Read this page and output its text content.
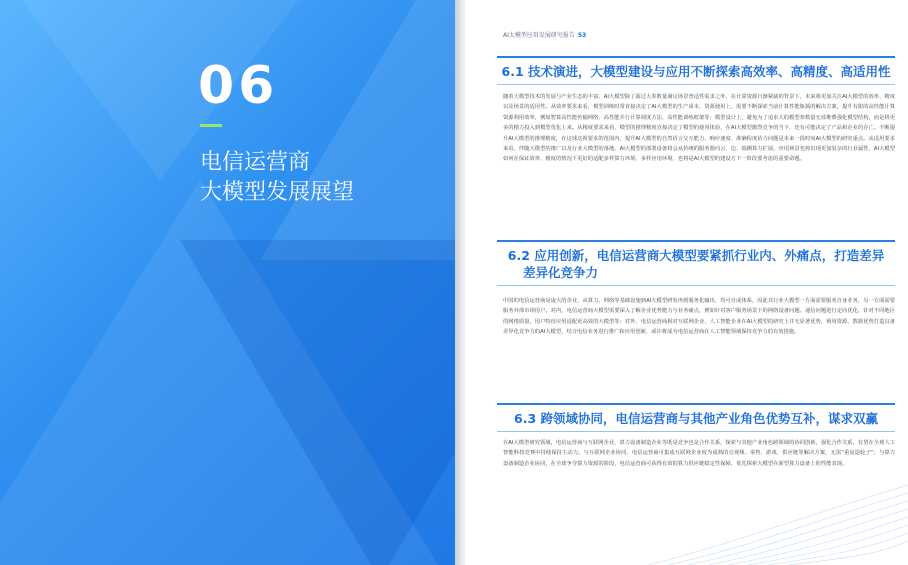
06
电信运营商
大模型发展展望
AI大模型应用发展研究报告 53
6.1 技术演进，大模型建设与应用不断探索高效率、高精度、高适用性
随着大模型技术的发展与产业生态的丰富，AI大模型除了面过大参数量满足场景普适性需求之外，在计算资源日渐紧缺的背景下，未来将更加关注AI大模型的效率、精度以及场景的适用性。从效率要求来看，模型训练时常直接决定了AI大模型的生产成本，资源使用上，需要不断探索当前计算性能瓶颈的解决方案，提升有限的高性能计算资源利用效率，例如智算高性能传输网络、高性能并行计算调度方法、高性能训练框架等；模型设计上，避免为了追求大的模型参数量无效堆叠强化模型结构，而是将更多的精力投入到模型优化上来。从精度要求来看，模型的推理精度直接决定了模型的使用体验，在AI大模型激烈竞争的当下，还有可能决定了产品和企业的存亡。不断提升AI大模型的推理精度，在这球这视要求的范围内，提升AI大模型的自然语言交互能力、响应速度、准确程度协力问题是未来一段时间AI大模型的研究重点。从适用要求来看，伴随大模型的推广以及行业大模型的落地，AI大模型的部署设备将会从传统的服务器向云、边、端侧算力扩展，应用场景也将出现更加复杂的行业属性，AI大模型如何在保证效率、精度的情况下更好的适配多样算力环境、多样应用环境，也将是AI大模型的建设方下一阶段要考虑的重要命题。
6.2 应用创新，电信运营商大模型要紧抓行业内、外痛点，打造差异
差异化竞争力
中国的电信运营商是庞大的企业，从算力、网络等基础设施到AI大模型研发再到服务化输出，均可自成体系，因此其行业大模型一方面需要服务自身业务，另一方面需要服务外部市场用户。对内，电信运营商大模型需要深入了解企业优势能力与业务痛点，例如针对客户服务场景下的网络设备问题、通信问题进行定向优化，针对不同地区的网络质量、用户特征应用适配更高效的大模型等；对外，电信运营商相对互联网企业、人工智能企业在AI大模型的研究上并无显著优势，利用资源、数据优势打造具备差异化竞争力的AI大模型，结合电信业务进行推广和应用创新，或许将成为电信运营商在人工智能领域保持竞争力的有效措施。
6.3 跨领域协同，电信运营商与其他产业角色优势互补，谋求双赢
在AI大模型研究领域，电信运营商与互联网企业、算力设备制造企业等既是竞争也是合作关系，探索与其他产业角色跨领域的协同创新，强化合作关系，有望在全球人工智能科技竞赛中持续保持主动力。与互联网企业协同，电信运营商可集成互联网企业较为成熟的音视频、零售、游戏、供应链等解决方案，无需“重复造轮子”；与算力设备制造企业协同，在全球争夺算力资源的阶段，电信运营商可获得有效的算力供应链稳定性保障，优先探索大模型在新型算力设备上的性能表现。
